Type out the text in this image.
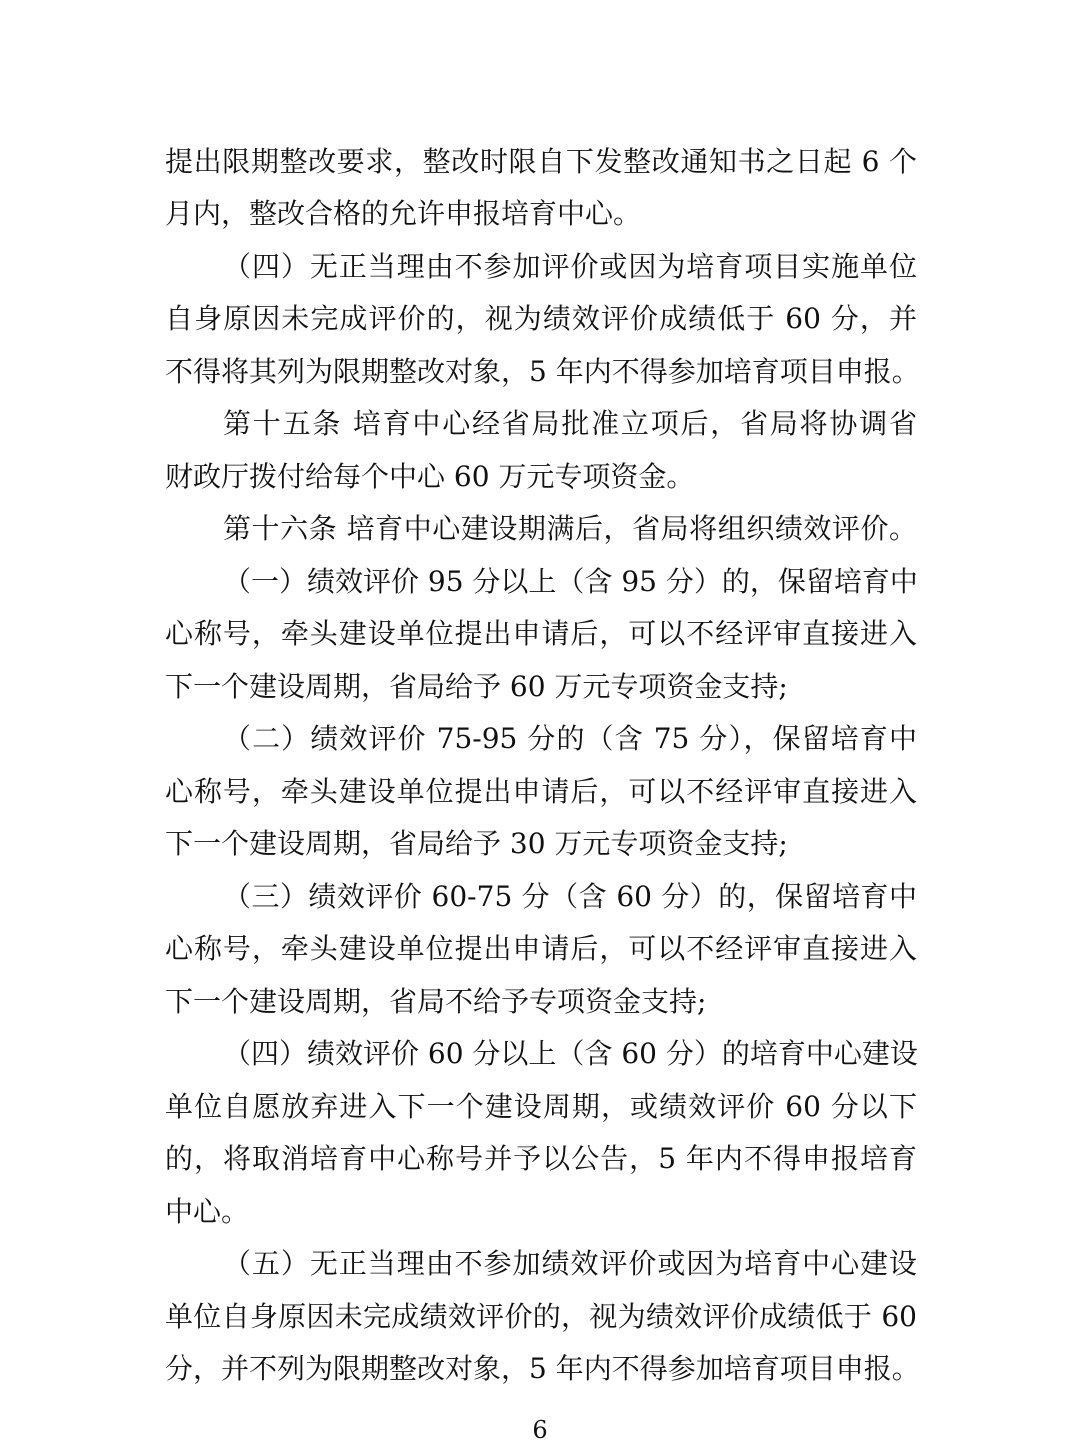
提出限期整改要求，整改时限自下发整改通知书之日起 6 个
月内，整改合格的允许申报培育中心。
（四）无正当理由不参加评价或因为培育项目实施单位
自身原因未完成评价的，视为绩效评价成绩低于 60 分，并
不得将其列为限期整改对象，5 年内不得参加培育项目申报。
第十五条 培育中心经省局批准立项后，省局将协调省
财政厅拨付给每个中心 60 万元专项资金。
第十六条 培育中心建设期满后，省局将组织绩效评价。
（一）绩效评价 95 分以上（含 95 分）的，保留培育中
心称号，牵头建设单位提出申请后，可以不经评审直接进入
下一个建设周期，省局给予 60 万元专项资金支持;
（二）绩效评价 75-95 分的（含 75 分），保留培育中
心称号，牵头建设单位提出申请后，可以不经评审直接进入
下一个建设周期，省局给予 30 万元专项资金支持;
（三）绩效评价 60-75 分（含 60 分）的，保留培育中
心称号，牵头建设单位提出申请后，可以不经评审直接进入
下一个建设周期，省局不给予专项资金支持;
（四）绩效评价 60 分以上（含 60 分）的培育中心建设
单位自愿放弃进入下一个建设周期，或绩效评价 60 分以下
的，将取消培育中心称号并予以公告，5 年内不得申报培育
中心。
（五）无正当理由不参加绩效评价或因为培育中心建设
单位自身原因未完成绩效评价的，视为绩效评价成绩低于 60
分，并不列为限期整改对象，5 年内不得参加培育项目申报。
6
